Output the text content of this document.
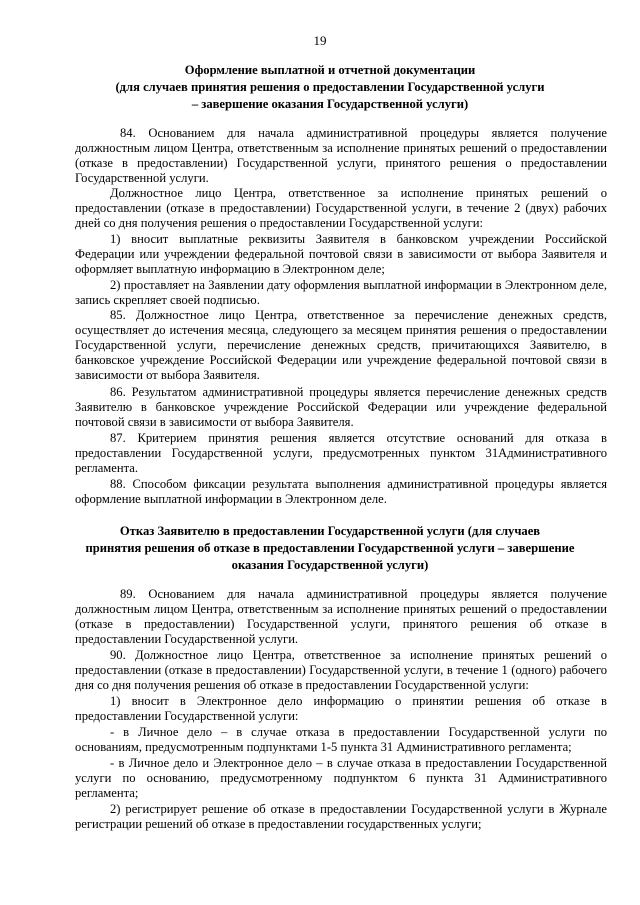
19
Оформление выплатной и отчетной документации
(для случаев принятия решения о предоставлении Государственной услуги
– завершение оказания Государственной услуги)

84. Основанием для начала административной процедуры является получение должностным лицом Центра, ответственным за исполнение принятых решений о предоставлении (отказе в предоставлении) Государственной услуги, принятого решения о предоставлении Государственной услуги.

Должностное лицо Центра, ответственное за исполнение принятых решений о предоставлении (отказе в предоставлении) Государственной услуги, в течение 2 (двух) рабочих дней со дня получения решения о предоставлении Государственной услуги:

1) вносит выплатные реквизиты Заявителя в банковском учреждении Российской Федерации или учреждении федеральной почтовой связи в зависимости от выбора Заявителя и оформляет выплатную информацию в Электронном деле;

2) проставляет на Заявлении дату оформления выплатной информации в Электронном деле, запись скрепляет своей подписью.

85. Должностное лицо Центра, ответственное за перечисление денежных средств, осуществляет до истечения месяца, следующего за месяцем принятия решения о предоставлении Государственной услуги, перечисление денежных средств, причитающихся Заявителю, в банковское учреждение Российской Федерации или учреждение федеральной почтовой связи в зависимости от выбора Заявителя.

86. Результатом административной процедуры является перечисление денежных средств Заявителю в банковское учреждение Российской Федерации или учреждение федеральной почтовой связи в зависимости от выбора Заявителя.

87. Критерием принятия решения является отсутствие оснований для отказа в предоставлении Государственной услуги, предусмотренных пунктом 31Административного регламента.

88. Способом фиксации результата выполнения административной процедуры является оформление выплатной информации в Электронном деле.

Отказ Заявителю в предоставлении Государственной услуги (для случаев
принятия решения об отказе в предоставлении Государственной услуги – завершение
оказания Государственной услуги)

89. Основанием для начала административной процедуры является получение должностным лицом Центра, ответственным за исполнение принятых решений о предоставлении (отказе в предоставлении) Государственной услуги, принятого решения об отказе в предоставлении Государственной услуги.

90. Должностное лицо Центра, ответственное за исполнение принятых решений о предоставлении (отказе в предоставлении) Государственной услуги, в течение 1 (одного) рабочего дня со дня получения решения об отказе в предоставлении Государственной услуги:

1) вносит в Электронное дело информацию о принятии решения об отказе в предоставлении Государственной услуги:

- в Личное дело – в случае отказа в предоставлении Государственной услуги по основаниям, предусмотренным подпунктами 1-5 пункта 31 Административного регламента;

- в Личное дело и Электронное дело – в случае отказа в предоставлении Государственной услуги по основанию, предусмотренному подпунктом 6 пункта 31 Административного регламента;

2) регистрирует решение об отказе в предоставлении Государственной услуги в Журнале регистрации решений об отказе в предоставлении государственных услуги;
